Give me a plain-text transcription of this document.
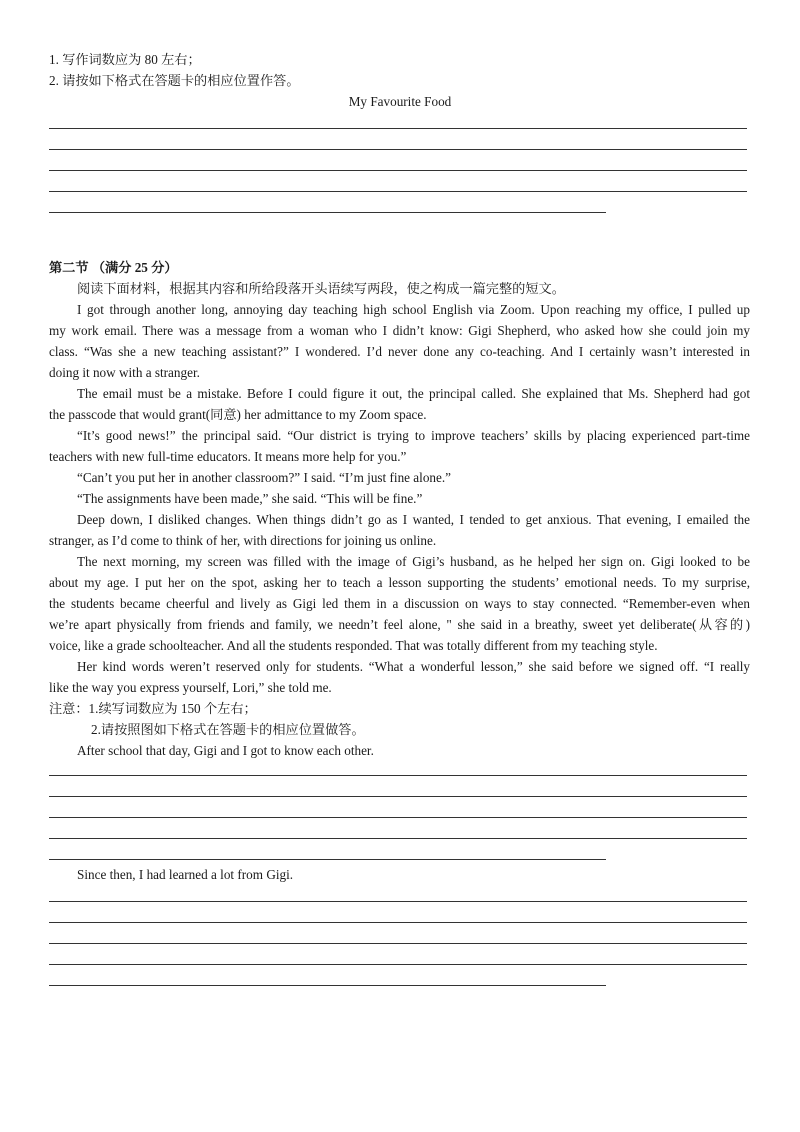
1. 写作词数应为 80 左右；
2. 请按如下格式在答题卡的相应位置作答。
My Favourite Food
第二节 （满分 25 分）
阅读下面材料，根据其内容和所给段落开头语续写两段，使之构成一篇完整的短文。
I got through another long, annoying day teaching high school English via Zoom. Upon reaching my office, I pulled up
my work email. There was a message from a woman who I didn’t know: Gigi Shepherd, who asked how she could join my
class. “Was she a new teaching assistant?” I wondered. I’d never done any co-teaching. And I certainly wasn’t interested in
doing it now with a stranger.
The email must be a mistake. Before I could figure it out, the principal called. She explained that Ms. Shepherd had got
the passcode that would grant(同意) her admittance to my Zoom space.
“It’s good news!” the principal said. “Our district is trying to improve teachers’ skills by placing experienced part-time
teachers with new full-time educators. It means more help for you.”
“Can’t you put her in another classroom?” I said. “I’m just fine alone.”
“The assignments have been made,” she said. “This will be fine.”
Deep down, I disliked changes. When things didn’t go as I wanted, I tended to get anxious. That evening, I emailed the
stranger, as I’d come to think of her, with directions for joining us online.
The next morning, my screen was filled with the image of Gigi’s husband, as he helped her sign on. Gigi looked to be
about my age. I put her on the spot, asking her to teach a lesson supporting the students’ emotional needs. To my surprise,
the students became cheerful and lively as Gigi led them in a discussion on ways to stay connected. “Remember-even when
we’re apart physically from friends and family, we needn’t feel alone, " she said in a breathy, sweet yet deliberate(从容的)
voice, like a grade schoolteacher. And all the students responded. That was totally different from my teaching style.
Her kind words weren’t reserved only for students. “What a wonderful lesson,” she said before we signed off. “I really
like the way you express yourself, Lori,” she told me.
注意：1.续写词数应为 150 个左右；
2.请按照图如下格式在答题卡的相应位置做答。
After school that day, Gigi and I got to know each other.
Since then, I had learned a lot from Gigi.
